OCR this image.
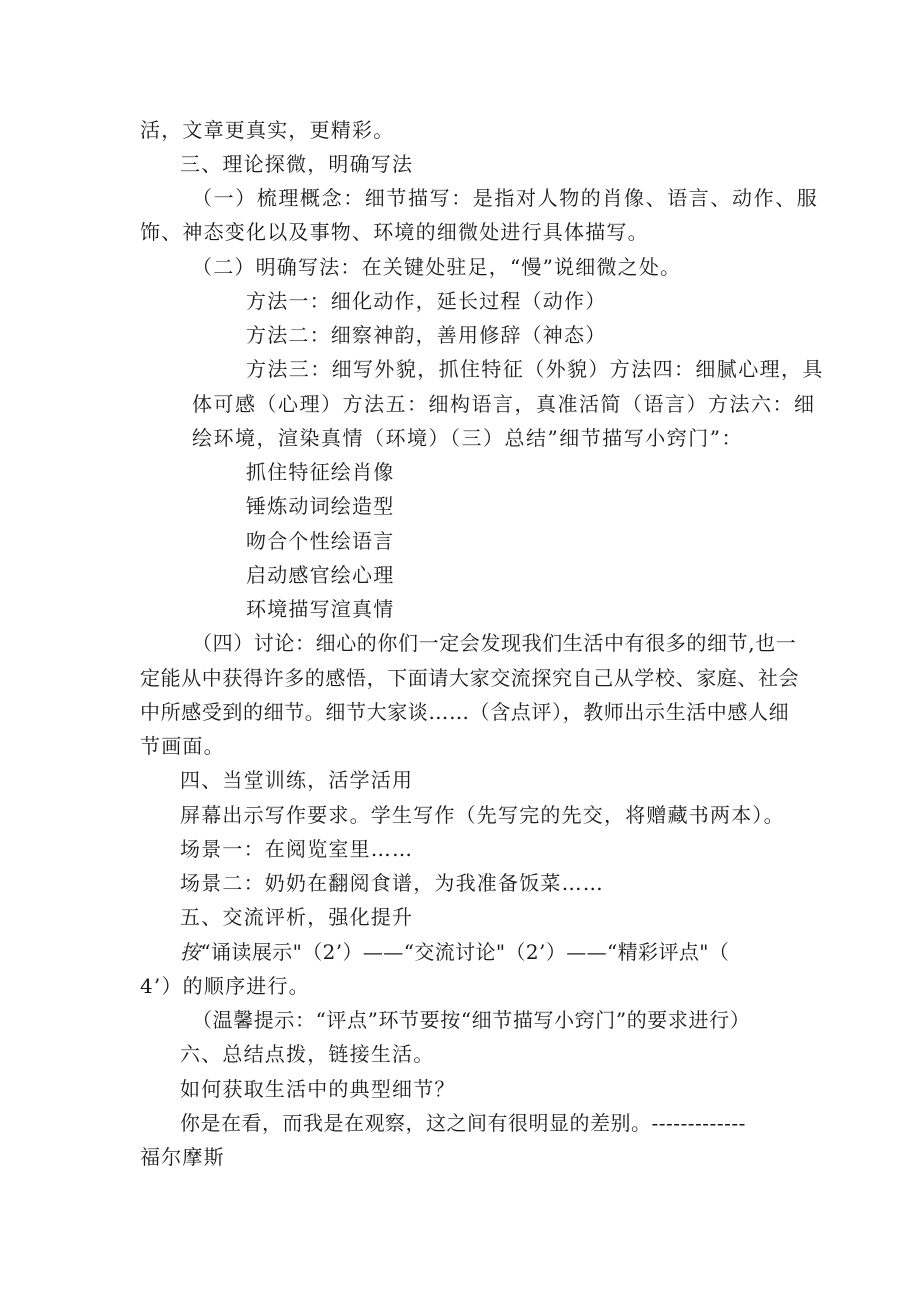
活，文章更真实，更精彩。
三、理论探微，明确写法
（一）梳理概念：细节描写：是指对人物的肖像、语言、动作、服
饰、神态变化以及事物、环境的细微处进行具体描写。
（二）明确写法：在关键处驻足，“慢”说细微之处。
方法一：细化动作，延长过程（动作）
方法二：细察神韵，善用修辞（神态）
方法三：细写外貌，抓住特征（外貌）方法四：细腻心理，具
体可感（心理）方法五：细构语言，真准活简（语言）方法六：细
绘环境，渲染真情（环境）（三）总结”细节描写小窍门”：
抓住特征绘肖像
锤炼动词绘造型
吻合个性绘语言
启动感官绘心理
环境描写渲真情
（四）讨论：细心的你们一定会发现我们生活中有很多的细节,也一
定能从中获得许多的感悟，下面请大家交流探究自己从学校、家庭、社会
中所感受到的细节。细节大家谈……（含点评），教师出示生活中感人细
节画面。
四、当堂训练，活学活用
屏幕出示写作要求。学生写作（先写完的先交，将赠藏书两本）。
场景一：在阅览室里……
场景二：奶奶在翻阅食谱，为我准备饭菜……
五、交流评析，强化提升
按“诵读展示"（2’）——“交流讨论"（2’）——“精彩评点"（
4’）的顺序进行。
（温馨提示：“评点”环节要按“细节描写小窍门”的要求进行）
六、总结点拨，链接生活。
如何获取生活中的典型细节？
你是在看，而我是在观察，这之间有很明显的差别。-------------
福尔摩斯
